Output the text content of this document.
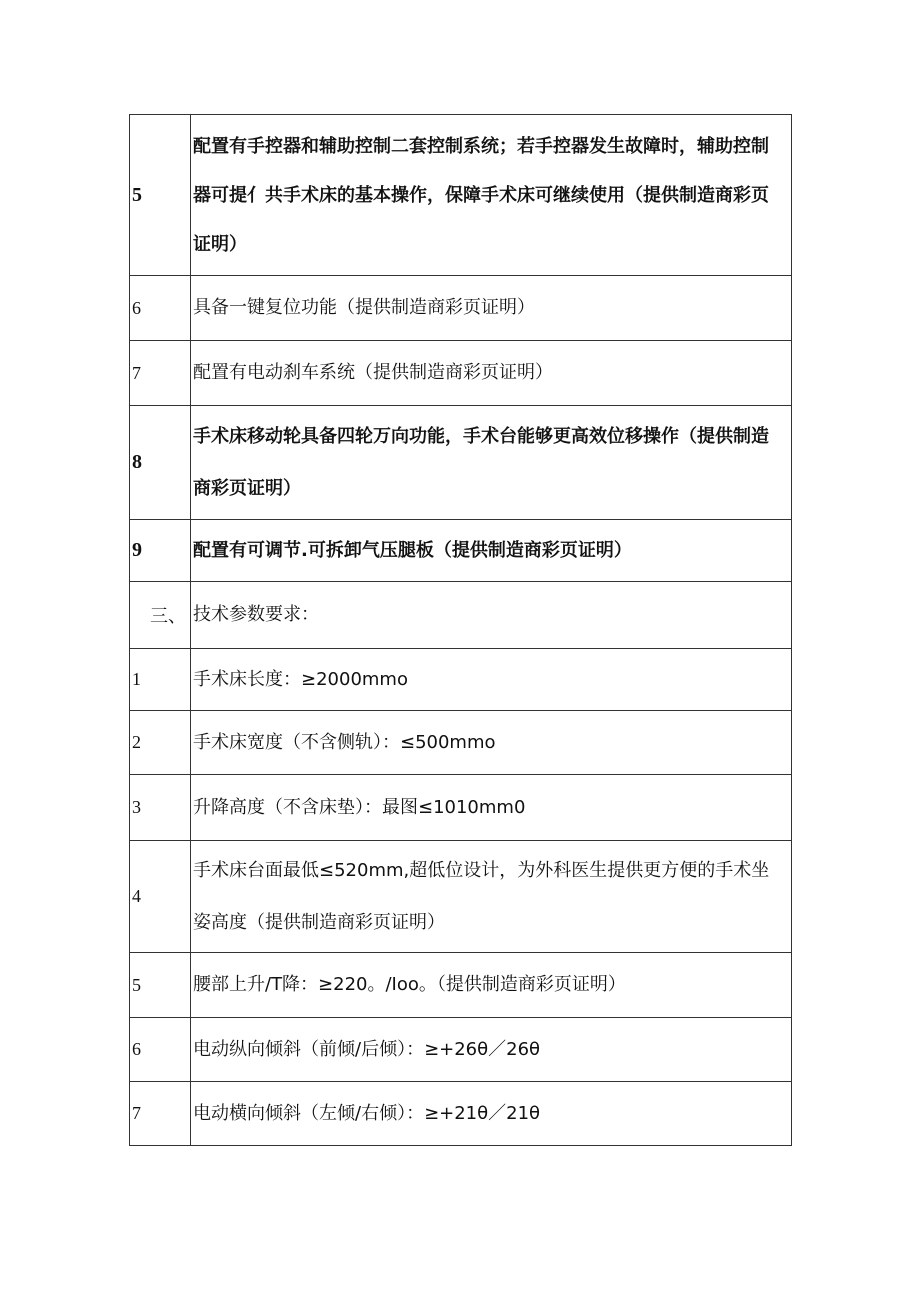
5	配置有手控器和辅助控制二套控制系统；若手控器发生故障时，辅助控制器可提亻共手术床的基本操作，保障手术床可继续使用（提供制造商彩页证明）
6	具备一键复位功能（提供制造商彩页证明）
7	配置有电动刹车系统（提供制造商彩页证明）
8	手术床移动轮具备四轮万向功能，手术台能够更高效位移操作（提供制造商彩页证明）
9	配置有可调节.可拆卸气压腿板（提供制造商彩页证明）
三、	技术参数要求：
1	手术床长度：≥2000mmo
2	手术床宽度（不含侧轨）：≤500mmo
3	升降高度（不含床垫）：最图≤1010mm0
4	手术床台面最低≤520mm,超低位设计，为外科医生提供更方便的手术坐姿高度（提供制造商彩页证明）
5	腰部上升/T降：≥220。/Ioo。（提供制造商彩页证明）
6	电动纵向倾斜（前倾/后倾）：≥+26θ／26θ
7	电动横向倾斜（左倾/右倾）：≥+21θ／21θ
